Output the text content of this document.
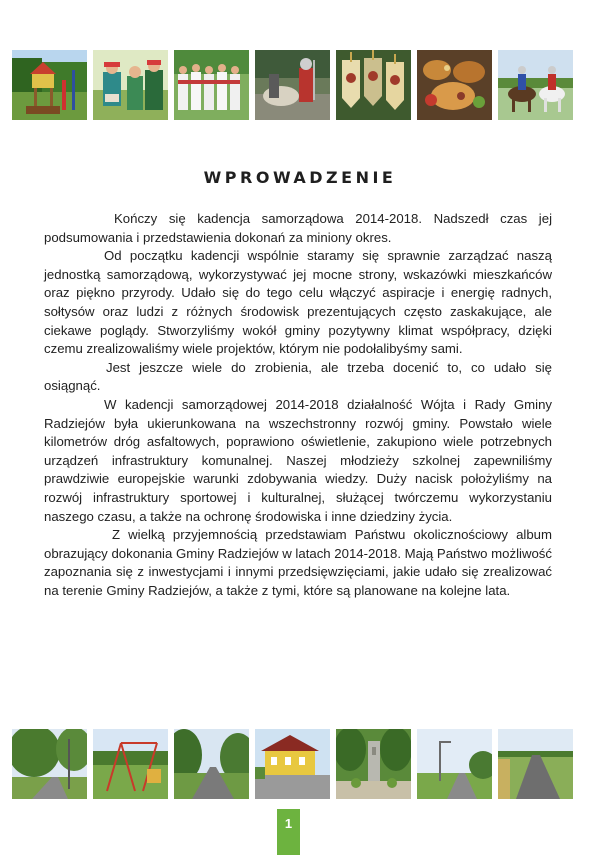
WPROWADZENIE

Kończy się kadencja samorządowa 2014-2018. Nadszedł czas jej podsumowania i przedstawienia dokonań za miniony okres.

Od początku kadencji wspólnie staramy się sprawnie zarządzać naszą jednostką samorządową, wykorzystywać jej mocne strony, wskazówki mieszkańców oraz piękno przyrody. Udało się do tego celu włączyć aspiracje i energię radnych, sołtysów oraz ludzi z różnych środowisk prezentujących często zaskakujące, ale ciekawe poglądy. Stworzyliśmy wokół gminy pozytywny klimat współpracy, dzięki czemu zrealizowaliśmy wiele projektów, którym nie podołalibyśmy sami.

Jest jeszcze wiele do zrobienia, ale trzeba docenić to, co udało się osiągnąć.

W kadencji samorządowej 2014-2018 działalność Wójta i Rady Gminy Radziejów była ukierunkowana na wszechstronny rozwój gminy. Powstało wiele kilometrów dróg asfaltowych, poprawiono oświetlenie, zakupiono wiele potrzebnych urządzeń infrastruktury komunalnej. Naszej młodzieży szkolnej zapewniliśmy prawdziwie europejskie warunki zdobywania wiedzy. Duży nacisk położyliśmy na rozwój infrastruktury sportowej i kulturalnej, służącej twórczemu wykorzystaniu naszego czasu, a także na ochronę środowiska i inne dziedziny życia.

Z wielką przyjemnością przedstawiam Państwu okolicznościowy album obrazujący dokonania Gminy Radziejów w latach 2014-2018. Mają Państwo możliwość zapoznania się z inwestycjami i innymi przedsięwzięciami, jakie udało się zrealizować na terenie Gminy Radziejów, a także z tymi, które są planowane na kolejne lata.

1
